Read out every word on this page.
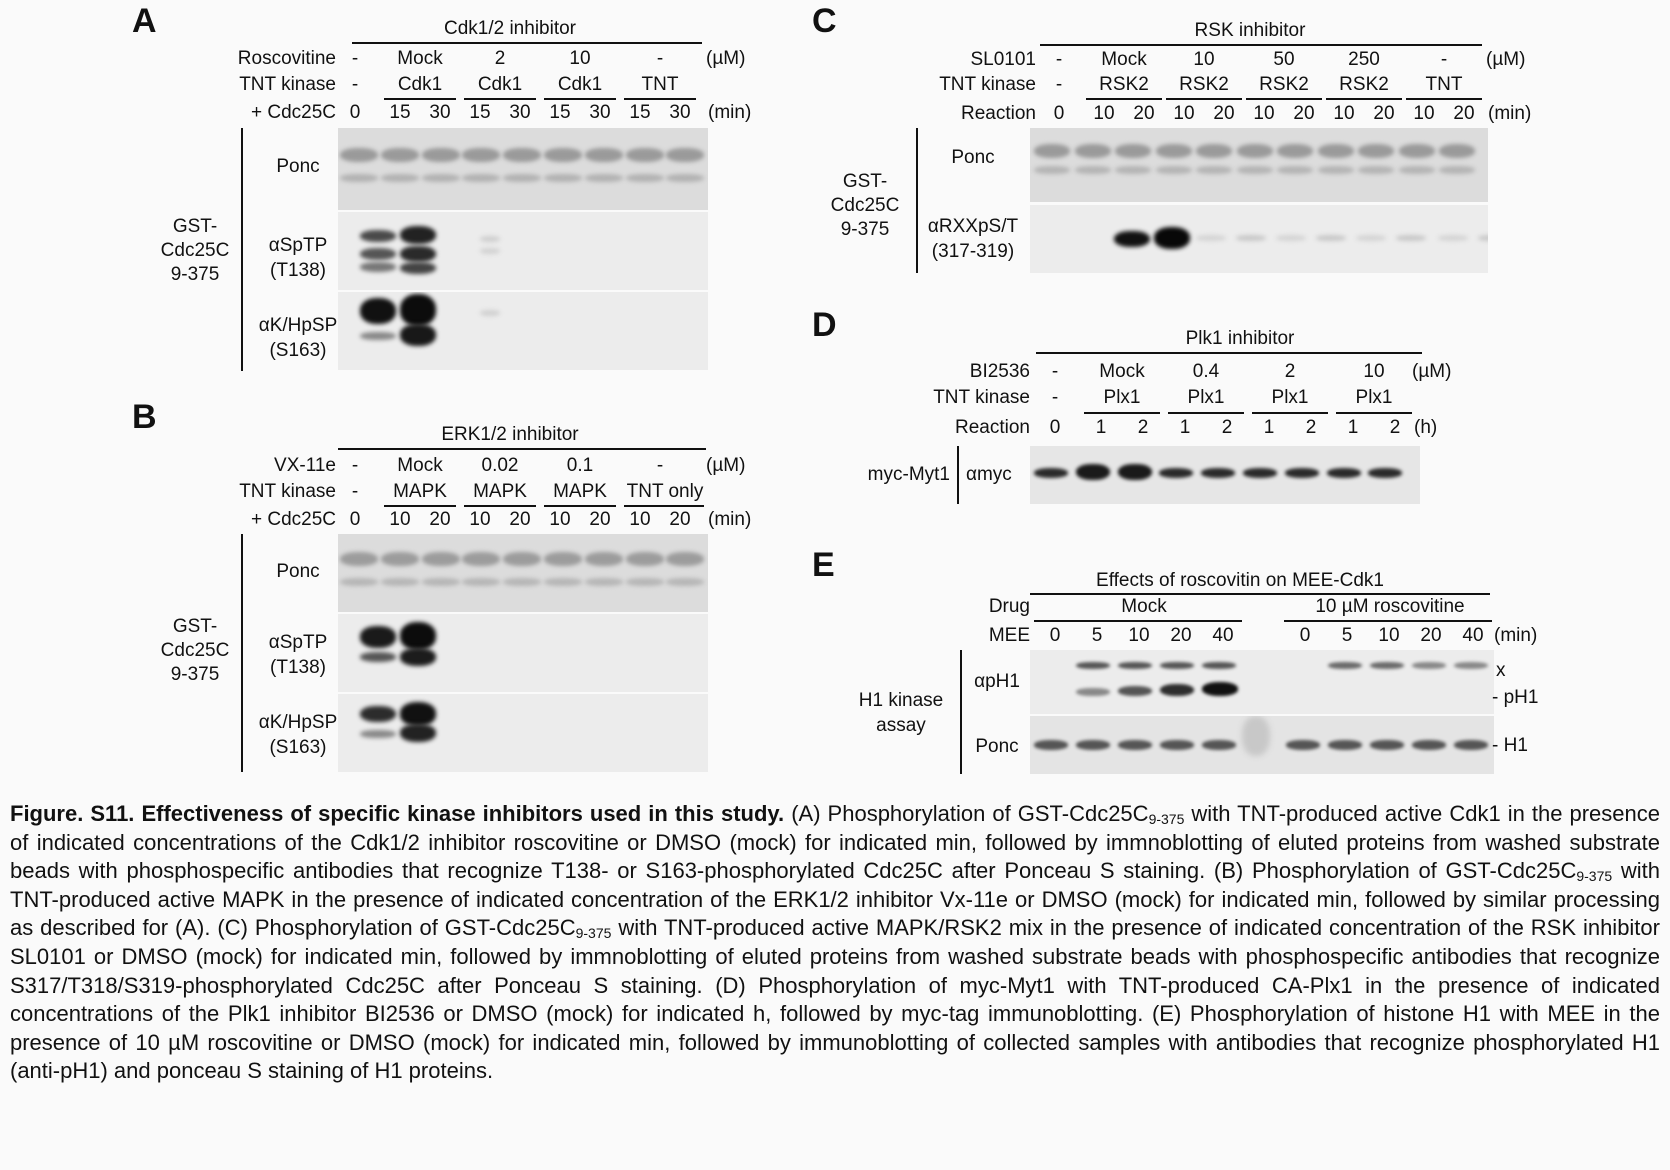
A	Cdk1/2 inhibitor
Roscovitine -	Mock	2	10	-	(µM)
TNT kinase -	Cdk1	Cdk1	Cdk1	TNT
+ Cdc25C 0	15 30 15 30 15 30 15 30 (min)
GST-
Cdc25C
9-375
Ponc
αSpTP
(T138)
αK/HpSP
(S163)
B	ERK1/2 inhibitor
VX-11e -	Mock	0.02	0.1	-	(µM)
TNT kinase -	MAPK	MAPK	MAPK	TNT only
+ Cdc25C 0	10 20 10 20 10 20 10 20 (min)
GST-
Cdc25C
9-375
Ponc
αSpTP
(T138)
αK/HpSP
(S163)
C	RSK inhibitor
SL0101	-	Mock	10	50	250	-	(µM)
TNT kinase	-	RSK2	RSK2	RSK2	RSK2	TNT
Reaction 0	10 20 10 20 10 20 10 20 10 20 (min)
GST-
Cdc25C
9-375
Ponc
αRXXpS/T
(317-319)
D	Plk1 inhibitor
BI2536	-	Mock	0.4	2	10	(µM)
TNT kinase	-	Plx1	Plx1	Plx1	Plx1
Reaction	0	1	2	1	2	1	2	1	2 (h)
myc-Myt1 αmyc
E	Effects of roscovitin on MEE-Cdk1
Drug	Mock	10 µM roscovitine
MEE	0	5	10	20	40	0	5	10	20	40 (min)
H1 kinase
assay
αpH1
Ponc
x
- pH1
- H1
Figure. S11. Effectiveness of specific kinase inhibitors used in this study. (A) Phosphorylation of GST-$Cdc25C_{9-375}$ with TNT-produced active Cdk1 in the presence of indicated concentrations of the Cdk1/2 inhibitor roscovitine or DMSO (mock) for indicated min, followed by immnoblotting of eluted proteins from washed substrate beads with phosphospecific antibodies that recognize T138- or S163-phosphorylated Cdc25C after Ponceau S staining. (B) Phosphorylation of GST-$Cdc25C_{9-375}$ with TNT-produced active MAPK in the presence of indicated concentration of the ERK1/2 inhibitor Vx-11e or DMSO (mock) for indicated min, followed by similar processing as described for (A). (C) Phosphorylation of GST-$Cdc25C_{9-375}$ with TNT-produced active MAPK/RSK2 mix in the presence of indicated concentration of the RSK inhibitor SL0101 or DMSO (mock) for indicated min, followed by immnoblotting of eluted proteins from washed substrate beads with phosphospecific antibodies that recognize S317/T318/S319-phosphorylated Cdc25C after Ponceau S staining. (D) Phosphorylation of myc-Myt1 with TNT-produced CA-Plx1 in the presence of indicated concentrations of the Plk1 inhibitor BI2536 or DMSO (mock) for indicated h, followed by myc-tag immunoblotting. (E) Phosphorylation of histone H1 with MEE in the presence of 10 µM roscovitine or DMSO (mock) for indicated min, followed by immunoblotting of collected samples with antibodies that recognize phosphorylated H1 (anti-pH1) and ponceau S staining of H1 proteins.
